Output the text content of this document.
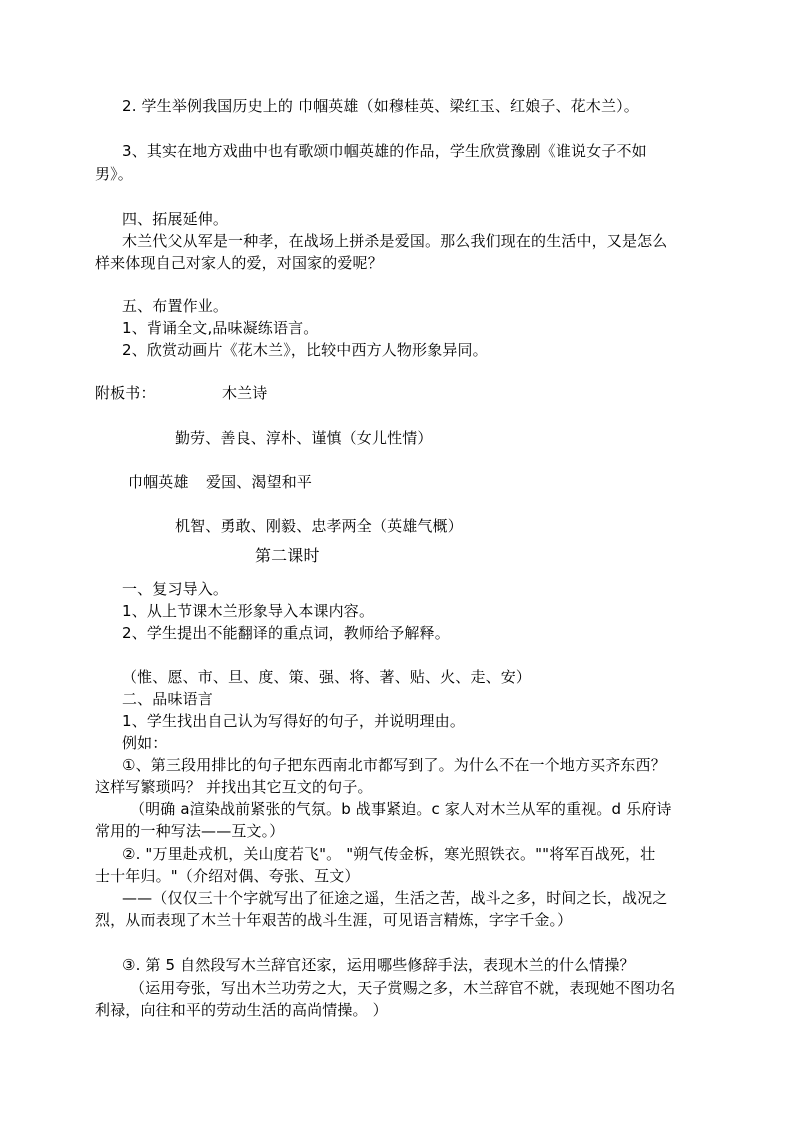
2. 学生举例我国历史上的 巾帼英雄（如穆桂英、梁红玉、红娘子、花木兰）。

3、其实在地方戏曲中也有歌颂巾帼英雄的作品，学生欣赏豫剧《谁说女子不如

男》。

四、拓展延伸。

木兰代父从军是一种孝，在战场上拼杀是爱国。那么我们现在的生活中，又是怎么

样来体现自己对家人的爱，对国家的爱呢？

五、布置作业。

1、背诵全文,品味凝练语言。

2、欣赏动画片《花木兰》，比较中西方人物形象异同。

附板书：	木兰诗

勤劳、善良、淳朴、谨慎（女儿性情）

巾帼英雄 爱国、渴望和平

机智、勇敢、刚毅、忠孝两全（英雄气概）

第二课时

一、复习导入。

1、从上节课木兰形象导入本课内容。

2、学生提出不能翻译的重点词，教师给予解释。

（惟、愿、市、旦、度、策、强、将、著、贴、火、走、安）

二、品味语言

1、学生找出自己认为写得好的句子，并说明理由。

例如：

①、第三段用排比的句子把东西南北市都写到了。为什么不在一个地方买齐东西？

这样写繁琐吗？ 并找出其它互文的句子。

（明确 a渲染战前紧张的气氛。b 战事紧迫。c 家人对木兰从军的重视。d 乐府诗

常用的一种写法——互文。）

②. "万里赴戎机，关山度若飞"。 "朔气传金柝，寒光照铁衣。""将军百战死，壮

士十年归。"（介绍对偶、夸张、互文）

——（仅仅三十个字就写出了征途之遥，生活之苦，战斗之多，时间之长，战况之

烈，从而表现了木兰十年艰苦的战斗生涯，可见语言精炼，字字千金。）

③. 第 5 自然段写木兰辞官还家，运用哪些修辞手法，表现木兰的什么情操？

（运用夸张，写出木兰功劳之大，天子赏赐之多，木兰辞官不就，表现她不图功名

利禄，向往和平的劳动生活的高尚情操。 ）
